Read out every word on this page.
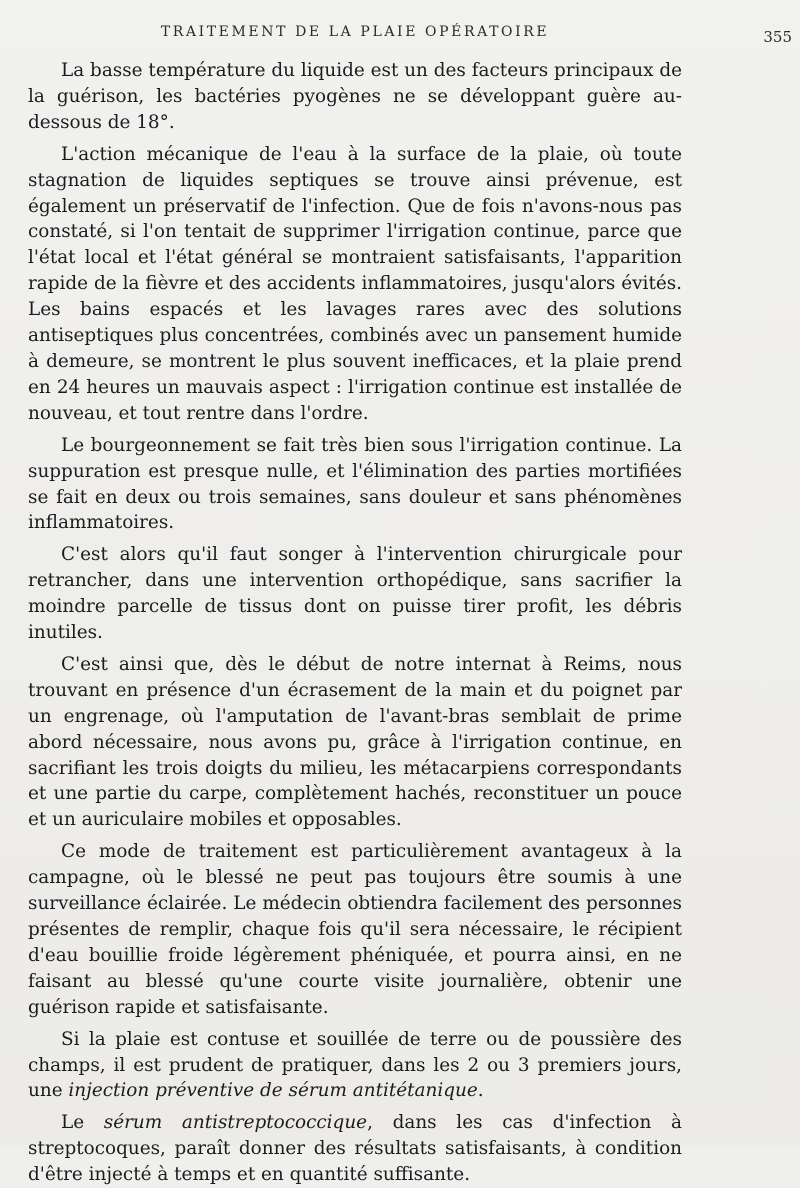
TRAITEMENT DE LA PLAIE OPÉRATOIRE	355

La basse température du liquide est un des facteurs principaux de la guérison, les bactéries pyogènes ne se développant guère au-dessous de 18°.

L'action mécanique de l'eau à la surface de la plaie, où toute stagnation de liquides septiques se trouve ainsi prévenue, est également un préservatif de l'infection. Que de fois n'avons-nous pas constaté, si l'on tentait de supprimer l'irrigation continue, parce que l'état local et l'état général se montraient satisfaisants, l'apparition rapide de la fièvre et des accidents inflammatoires, jusqu'alors évités. Les bains espacés et les lavages rares avec des solutions antiseptiques plus concentrées, combinés avec un pansement humide à demeure, se montrent le plus souvent inefficaces, et la plaie prend en 24 heures un mauvais aspect : l'irrigation continue est installée de nouveau, et tout rentre dans l'ordre.

Le bourgeonnement se fait très bien sous l'irrigation continue. La suppuration est presque nulle, et l'élimination des parties mortifiées se fait en deux ou trois semaines, sans douleur et sans phénomènes inflammatoires.

C'est alors qu'il faut songer à l'intervention chirurgicale pour retrancher, dans une intervention orthopédique, sans sacrifier la moindre parcelle de tissus dont on puisse tirer profit, les débris inutiles.

C'est ainsi que, dès le début de notre internat à Reims, nous trouvant en présence d'un écrasement de la main et du poignet par un engrenage, où l'amputation de l'avant-bras semblait de prime abord nécessaire, nous avons pu, grâce à l'irrigation continue, en sacrifiant les trois doigts du milieu, les métacarpiens correspondants et une partie du carpe, complètement hachés, reconstituer un pouce et un auriculaire mobiles et opposables.

Ce mode de traitement est particulièrement avantageux à la campagne, où le blessé ne peut pas toujours être soumis à une surveillance éclairée. Le médecin obtiendra facilement des personnes présentes de remplir, chaque fois qu'il sera nécessaire, le récipient d'eau bouillie froide légèrement phéniquée, et pourra ainsi, en ne faisant au blessé qu'une courte visite journalière, obtenir une guérison rapide et satisfaisante.

Si la plaie est contuse et souillée de terre ou de poussière des champs, il est prudent de pratiquer, dans les 2 ou 3 premiers jours, une injection préventive de sérum antitétanique.

Le sérum antistreptococcique, dans les cas d'infection à streptocoques, paraît donner des résultats satisfaisants, à condition d'être injecté à temps et en quantité suffisante.
